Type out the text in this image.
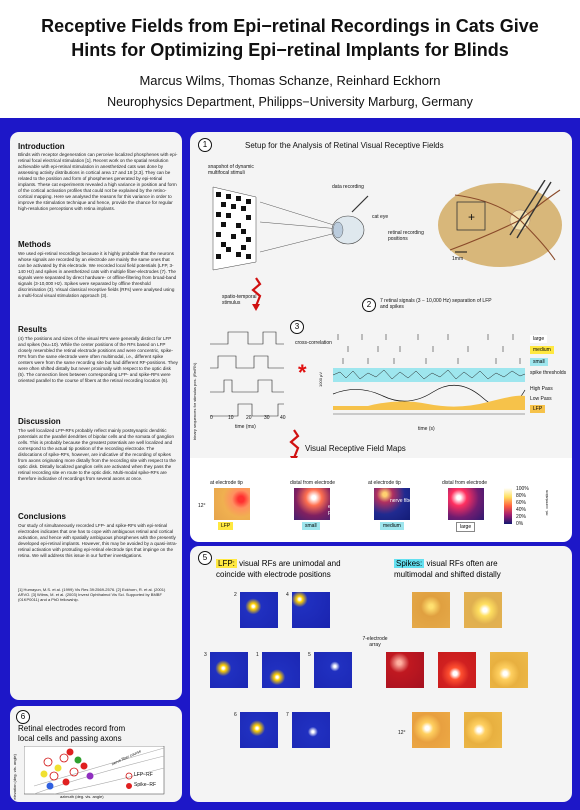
Receptive Fields from Epi−retinal Recordings in Cats Give
Hints for Optimizing Epi−retinal Implants for Blinds
Marcus Wilms, Thomas Schanze, Reinhard Eckhorn
Neurophysics Department, Philipps−University Marburg, Germany
Introduction
Blinds with receptor degeneration can perceive localized phosphenes with epi-retinal focal electrical stimulation [1]. Recent work on the spatial resolution achievable with epi-retinal stimulation in anesthetized cats was done by assessing activity distributions in cortical area 17 and 18 [2,3]. They can be related to the position and form of phosphenes generated by epi-retinal implants. These cat experiments revealed a high variance in position and form of the cortical activation profiles that could not be explained by the retino-cortical mapping. Here we analysed the reasons for this variance in order to improve the stimulation technique and hence, provide the chance for regular high-resolution perceptions with retina implants.
Methods
We used epi-retinal recordings because it is highly probable that the neurons whose signals are recorded by an electrode are mainly the same ones that can be activated by this electrode. We recorded local field potentials (LFP, 3-140 Hz) and spikes in anesthetized cats with multiple fiber-electrodes (7). The signals were separated by direct hardware- or offline-filtering from broad-band signals (3-10,000 Hz). Spikes were separated by offline threshold discrimination (3). Visual classical receptive fields (RFs) were analysed using a multi-focal visual stimulation approach (3).
Results
(4) The positions and sizes of the visual RFs were generally distinct for LFP and spikes (Nu=10). While the center positions of the RFs based on LFP closely resembled the retinal electrode positions and were concentric, spike-RFs from the same electrode were often multimodal, i.e., different spike centers were from the same recording site but had different RF-positions. They were often shifted distally but never proximally with respect to the optic disk (5). The connection lines between corresponding LFP- and spike-RFs were oriented parallel to the course of fibers at the retinal recording location (6).
Discussion
The well localized LFP-RFs probably reflect mainly postsynaptic dendritic potentials at the parallel dendrites of bipolar cells and the somata of ganglion cells. This is probably because the greatest potentials are well localized and correspond to the actual tip position of the recording electrode. The dislocations of spike-RFs, however, are indicative of the recording of spikes from axons originating more distally from the recording site with respect to the optic disk. Distally localized ganglion cells are activated when they pass the retinal recording site en route to the optic disk. Multi-modal spike-RFs are therefore indicative of recordings from several axons at once.
Conclusions
Our study of simultaneously recorded LFP- and spike-RFs with epi-retinal electrodes indicates that one has to cope with ambiguous retinal and cortical activation, and hence with spatially ambiguous phosphenes with the presently developed epi-retinal implants. However, this may be avoided by a quasi-intra-retinal activation with protruding epi-retinal electrode tips that impinge on the retina. We will address this issue in our further investigations.
[1] Humayun, M.S. et al. (1999) Vis Res 39:2569-2576. [2] Eckhorn, R. et al. (2001) ARVO. [3] Wilms, M. et al. (2003) Invest Ophthalmol Vis Sci. Supported by BMBF (01KP0011) and a PhD fellowship.
1	Setup for the Analysis of Retinal Visual Receptive Fields
snapshot of dynamic multifocal stimuli
data recording
cat eye
retinal recording positions
+
1mm
spatio-temporal stimulus	2	7 retinal signals (3 − 10,000 Hz) separation of LFP and spikes
3
binary sequences for stimulus pos. (Re/RN)	0	10 20 30 40
time (ms)
cross-correlation
*	1000 µV
large
medium
small
spike thresholds
High Pass
Low Pass
LFP
time (s)
Visual Receptive Field Maps
at electrode tip	distal from electrode	at electrode tip	distal from electrode
12°
LFP	small	medium	large
electrode position
nerve fiber
100%
80%
60%
40%
20%
0%
rel. correlation
5
LFP: visual RFs are unimodal and
coincide with electrode positions
Spikes: visual RFs often are
multimodal and shifted distally
7-electrode array
2	4
3	1	5
6	7
12°
6
Retinal electrodes record from
local cells and passing axons
elevation (deg. vis. angle)	LFP−RF
Spike−RF
nerve fiber course
azimuth (deg. vis. angle)
